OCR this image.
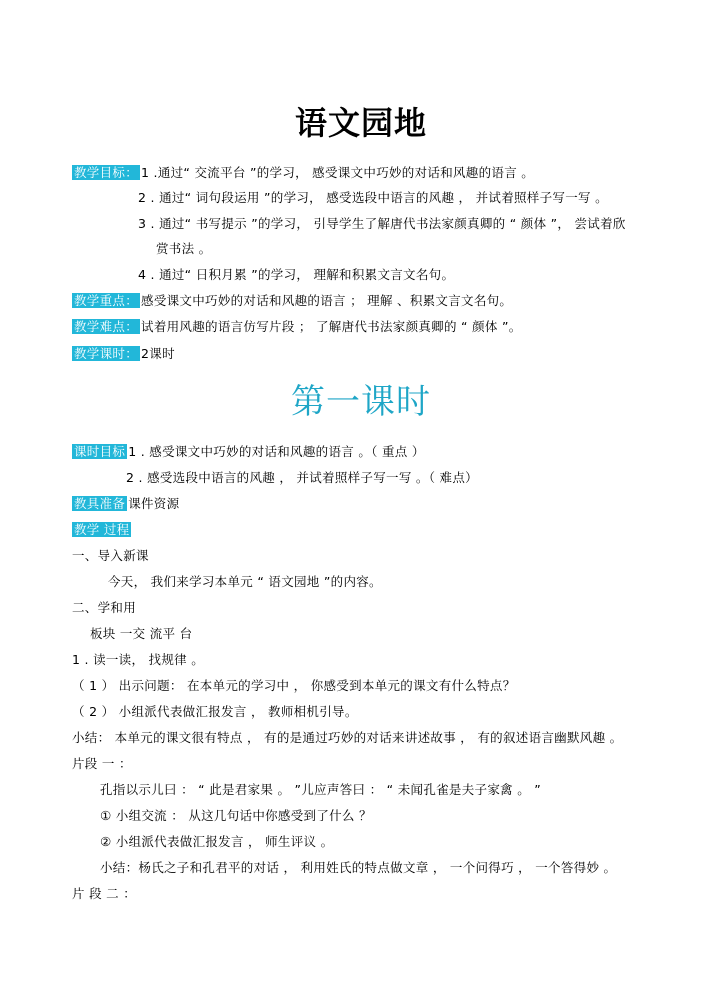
语文园地
教学目标： 1 .通过“ 交流平台 ”的学习， 感受课文中巧妙的对话和风趣的语言 。
2 . 通过“ 词句段运用 ”的学习， 感受选段中语言的风趣 ， 并试着照样子写一写 。
3 . 通过“ 书写提示 ”的学习， 引导学生了解唐代书法家颜真卿的 “ 颜体 ”， 尝试着欣
赏书法 。
4 . 通过“ 日积月累 ”的学习， 理解和积累文言文名句。
教学重点： 感受课文中巧妙的对话和风趣的语言 ； 理解 、积累文言文名句。
教学难点： 试着用风趣的语言仿写片段 ； 了解唐代书法家颜真卿的 “ 颜体 ”。
教学课时： 2课时
第一课时
课时目标 1 . 感受课文中巧妙的对话和风趣的语言 。（ 重点 ）
2 . 感受选段中语言的风趣 ， 并试着照样子写一写 。（ 难点）
教具准备 课件资源
教学 过程
一、导入新课
今天， 我们来学习本单元 “ 语文园地 ”的内容。
二、学和用
板块 一交 流平 台
1 . 读一读， 找规律 。
（ 1 ） 出示问题： 在本单元的学习中 ， 你感受到本单元的课文有什么特点？
（ 2 ） 小组派代表做汇报发言 ， 教师相机引导。
小结： 本单元的课文很有特点 ， 有的是通过巧妙的对话来讲述故事 ， 有的叙述语言幽默风趣 。
片段 一 ：
孔指以示儿曰 ： “ 此是君家果 。 ”儿应声答曰 ： “ 未闻孔雀是夫子家禽 。 ”
① 小组交流 ： 从这几句话中你感受到了什么 ？
② 小组派代表做汇报发言 ， 师生评议 。
小结：杨氏之子和孔君平的对话 ， 利用姓氏的特点做文章 ， 一个问得巧 ， 一个答得妙 。
片 段 二 ：
